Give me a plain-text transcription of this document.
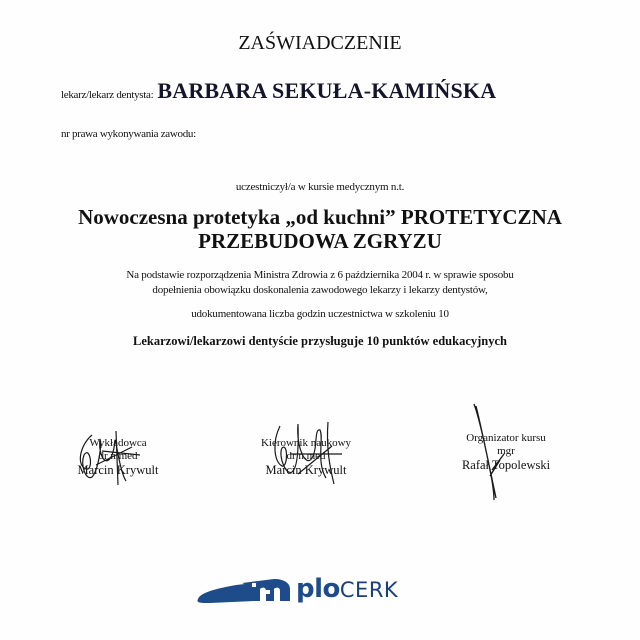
ZAŚWIADCZENIE
lekarz/lekarz dentysta: BARBARA SEKUŁA-KAMIŃSKA
nr prawa wykonywania zawodu:
uczestniczył/a w kursie medycznym n.t.
Nowoczesna protetyka „od kuchni” PROTETYCZNA
PRZEBUDOWA ZGRYZU
Na podstawie rozporządzenia Ministra Zdrowia z 6 października 2004 r. w sprawie sposobu
dopełnienia obowiązku doskonalenia zawodowego lekarzy i lekarzy dentystów,
udokumentowana liczba godzin uczestnictwa w szkoleniu 10
Lekarzowi/lekarzowi dentyście przysługuje 10 punktów edukacyjnych
Wykładowca
dr n.med
Marcin Krywult
Kierownik naukowy
dr n.med
Marcin Krywult
Organizator kursu
mgr
Rafał Topolewski
ploCERK
